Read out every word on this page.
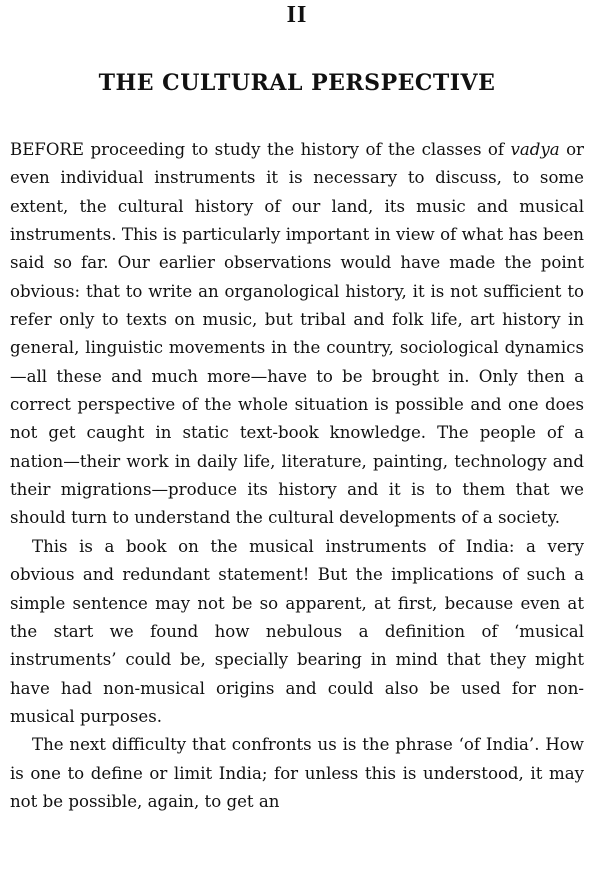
II
THE CULTURAL PERSPECTIVE

BEFORE proceeding to study the history of the classes of vadya or even individual instruments it is necessary to discuss, to some extent, the cultural history of our land, its music and musical instruments. This is particularly important in view of what has been said so far. Our earlier observations would have made the point obvious: that to write an organological history, it is not sufficient to refer only to texts on music, but tribal and folk life, art history in general, linguistic movements in the country, sociological dynamics—all these and much more—have to be brought in. Only then a correct perspective of the whole situation is possible and one does not get caught in static text-book knowledge. The people of a nation—their work in daily life, literature, painting, technology and their migrations—produce its history and it is to them that we should turn to understand the cultural developments of a society.

This is a book on the musical instruments of India: a very obvious and redundant statement! But the implications of such a simple sentence may not be so apparent, at first, because even at the start we found how nebulous a definition of ‘musical instruments’ could be, specially bearing in mind that they might have had non-musical origins and could also be used for non-musical purposes.

The next difficulty that confronts us is the phrase ‘of India’. How is one to define or limit India; for unless this is understood, it may not be possible, again, to get an
